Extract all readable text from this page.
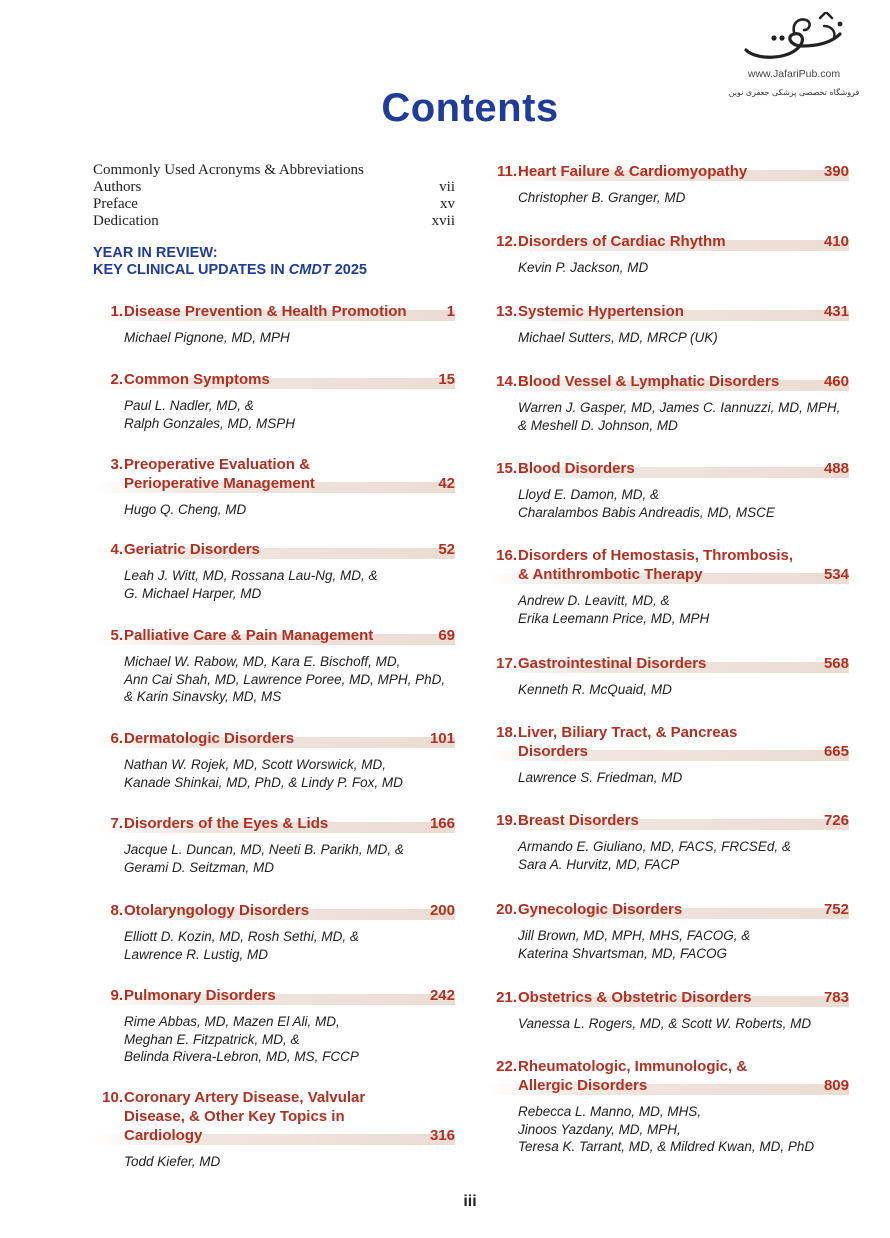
www.JafariPub.com
فروشگاه تخصصی پزشکی جعفری نوین
Contents
Commonly Used Acronyms & Abbreviations
Authors	vii
Preface	xv
Dedication	xvii
YEAR IN REVIEW:
KEY CLINICAL UPDATES IN CMDT 2025
1. Disease Prevention & Health Promotion	1
Michael Pignone, MD, MPH
2. Common Symptoms	15
Paul L. Nadler, MD, &
Ralph Gonzales, MD, MSPH
3. Preoperative Evaluation & Perioperative Management	42
Hugo Q. Cheng, MD
4. Geriatric Disorders	52
Leah J. Witt, MD, Rossana Lau-Ng, MD, &
G. Michael Harper, MD
5. Palliative Care & Pain Management	69
Michael W. Rabow, MD, Kara E. Bischoff, MD,
Ann Cai Shah, MD, Lawrence Poree, MD, MPH, PhD,
& Karin Sinavsky, MD, MS
6. Dermatologic Disorders	101
Nathan W. Rojek, MD, Scott Worswick, MD,
Kanade Shinkai, MD, PhD, & Lindy P. Fox, MD
7. Disorders of the Eyes & Lids	166
Jacque L. Duncan, MD, Neeti B. Parikh, MD, &
Gerami D. Seitzman, MD
8. Otolaryngology Disorders	200
Elliott D. Kozin, MD, Rosh Sethi, MD, &
Lawrence R. Lustig, MD
9. Pulmonary Disorders	242
Rime Abbas, MD, Mazen El Ali, MD,
Meghan E. Fitzpatrick, MD, &
Belinda Rivera-Lebron, MD, MS, FCCP
10. Coronary Artery Disease, Valvular Disease, & Other Key Topics in Cardiology	316
Todd Kiefer, MD
11. Heart Failure & Cardiomyopathy	390
Christopher B. Granger, MD
12. Disorders of Cardiac Rhythm	410
Kevin P. Jackson, MD
13. Systemic Hypertension	431
Michael Sutters, MD, MRCP (UK)
14. Blood Vessel & Lymphatic Disorders	460
Warren J. Gasper, MD, James C. Iannuzzi, MD, MPH,
& Meshell D. Johnson, MD
15. Blood Disorders	488
Lloyd E. Damon, MD, &
Charalambos Babis Andreadis, MD, MSCE
16. Disorders of Hemostasis, Thrombosis, & Antithrombotic Therapy	534
Andrew D. Leavitt, MD, &
Erika Leemann Price, MD, MPH
17. Gastrointestinal Disorders	568
Kenneth R. McQuaid, MD
18. Liver, Biliary Tract, & Pancreas Disorders	665
Lawrence S. Friedman, MD
19. Breast Disorders	726
Armando E. Giuliano, MD, FACS, FRCSEd, &
Sara A. Hurvitz, MD, FACP
20. Gynecologic Disorders	752
Jill Brown, MD, MPH, MHS, FACOG, &
Katerina Shvartsman, MD, FACOG
21. Obstetrics & Obstetric Disorders	783
Vanessa L. Rogers, MD, & Scott W. Roberts, MD
22. Rheumatologic, Immunologic, & Allergic Disorders	809
Rebecca L. Manno, MD, MHS,
Jinoos Yazdany, MD, MPH,
Teresa K. Tarrant, MD, & Mildred Kwan, MD, PhD
iii
